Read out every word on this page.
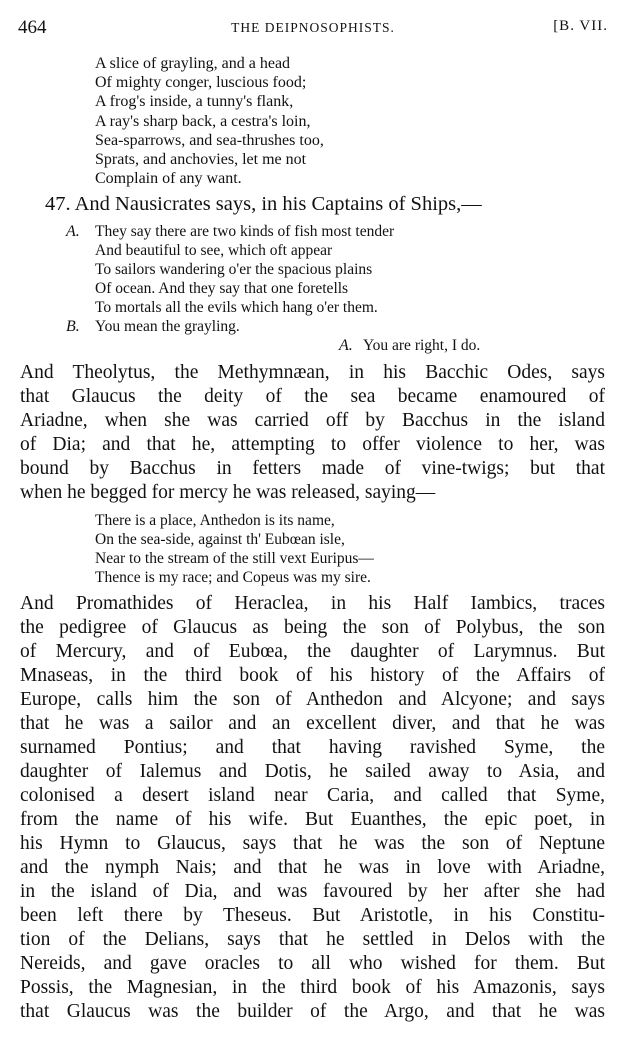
464	THE DEIPNOSOPHISTS.	[B. VII.
A slice of grayling, and a head
Of mighty conger, luscious food;
A frog's inside, a tunny's flank,
A ray's sharp back, a cestra's loin,
Sea-sparrows, and sea-thrushes too,
Sprats, and anchovies, let me not
Complain of any want.
47. And Nausicrates says, in his Captains of Ships,—
A. They say there are two kinds of fish most tender
And beautiful to see, which oft appear
To sailors wandering o'er the spacious plains
Of ocean. And they say that one foretells
To mortals all the evils which hang o'er them.
B. You mean the grayling.
A. You are right, I do.
And Theolytus, the Methymnæan, in his Bacchic Odes, says
that Glaucus the deity of the sea became enamoured of
Ariadne, when she was carried off by Bacchus in the island
of Dia; and that he, attempting to offer violence to her, was
bound by Bacchus in fetters made of vine-twigs; but that
when he begged for mercy he was released, saying—
There is a place, Anthedon is its name,
On the sea-side, against th' Eubœan isle,
Near to the stream of the still vext Euripus—
Thence is my race; and Copeus was my sire.
And Promathides of Heraclea, in his Half Iambics, traces
the pedigree of Glaucus as being the son of Polybus, the son
of Mercury, and of Eubœa, the daughter of Larymnus. But
Mnaseas, in the third book of his history of the Affairs of
Europe, calls him the son of Anthedon and Alcyone; and says
that he was a sailor and an excellent diver, and that he was
surnamed Pontius; and that having ravished Syme, the
daughter of Ialemus and Dotis, he sailed away to Asia, and
colonised a desert island near Caria, and called that Syme,
from the name of his wife. But Euanthes, the epic poet, in
his Hymn to Glaucus, says that he was the son of Neptune
and the nymph Nais; and that he was in love with Ariadne,
in the island of Dia, and was favoured by her after she had
been left there by Theseus. But Aristotle, in his Constitu-
tion of the Delians, says that he settled in Delos with the
Nereids, and gave oracles to all who wished for them. But
Possis, the Magnesian, in the third book of his Amazonis, says
that Glaucus was the builder of the Argo, and that he was
